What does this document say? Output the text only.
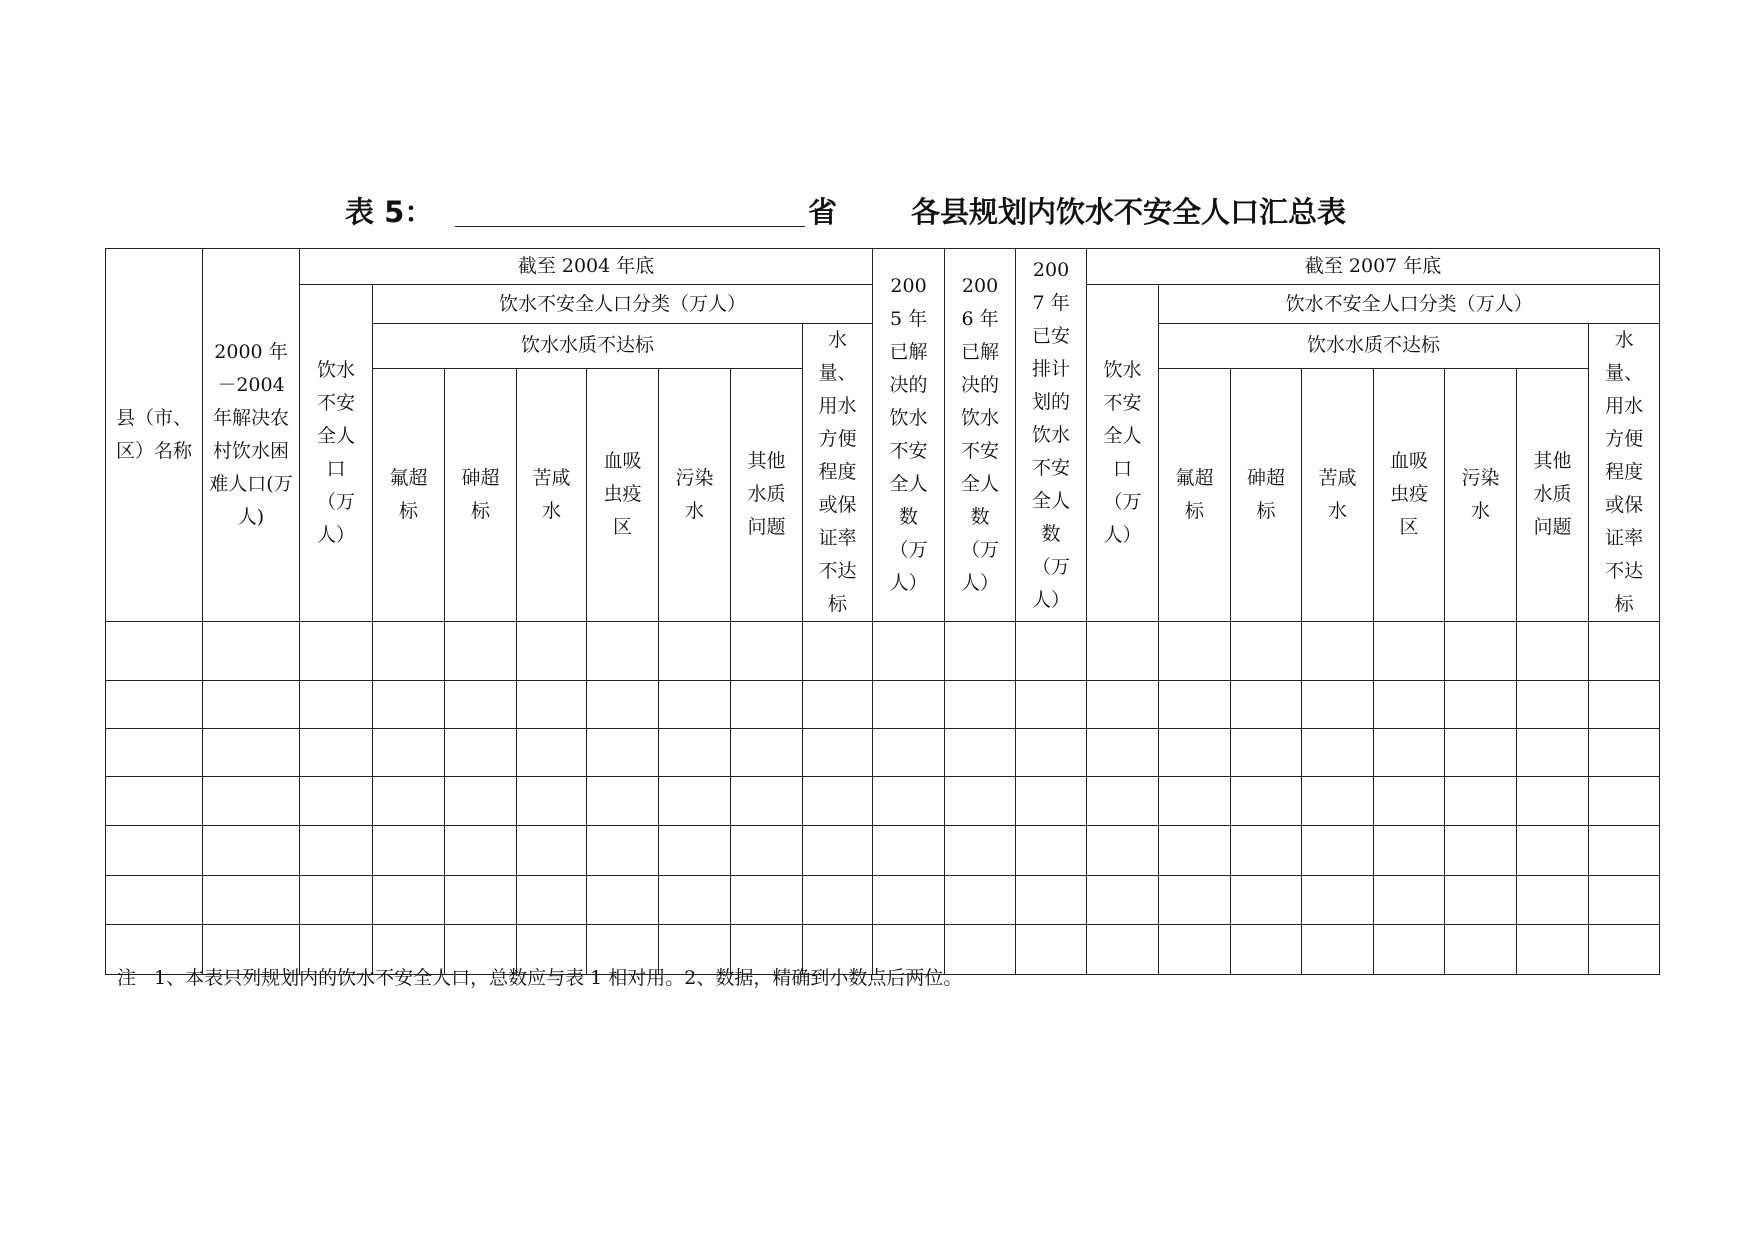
表 5：	省	各县规划内饮水不安全人口汇总表
县（市、区）名称	2000 年－2004 年解决农村饮水困难人口(万人)	截至 2004 年底								2005 年已解决的饮水不安全人数（万人）	2006 年已解决的饮水不安全人数（万人）	2007 年已安排计划的饮水不安全人数（万人）	截至 2007 年底							
		饮水不安全人口（万人）	饮水不安全人口分类（万人）										饮水不安全人口（万人）	饮水不安全人口分类（万人）						
			饮水水质不达标						水量、用水方便程度或保证率不达标					饮水水质不达标						水量、用水方便程度或保证率不达标
			氟超标	砷超标	苦咸水	血吸虫疫区	污染水	其他水质问题						氟超标	砷超标	苦咸水	血吸虫疫区	污染水	其他水质问题	

注 1、本表只列规划内的饮水不安全人口，总数应与表 1 相对用。2、数据，精确到小数点后两位。
